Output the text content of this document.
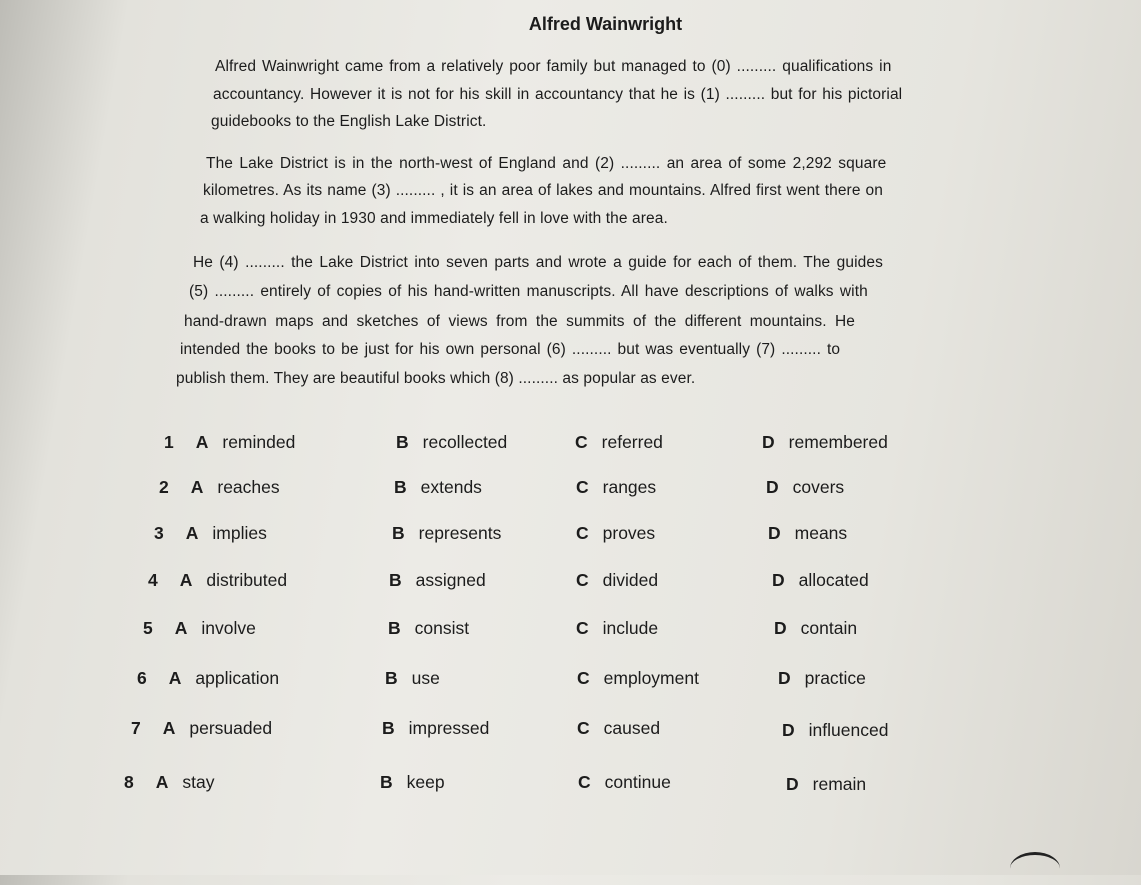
Alfred Wainwright
Alfred Wainwright came from a relatively poor family but managed to (0) ......... qualifications in
accountancy. However it is not for his skill in accountancy that he is (1) ......... but for his pictorial
guidebooks to the English Lake District.
The Lake District is in the north-west of England and (2) ......... an area of some 2,292 square
kilometres. As its name (3) ......... , it is an area of lakes and mountains. Alfred first went there on
a walking holiday in 1930 and immediately fell in love with the area.
He (4) ......... the Lake District into seven parts and wrote a guide for each of them. The guides
(5) ......... entirely of copies of his hand-written manuscripts. All have descriptions of walks with
hand-drawn maps and sketches of views from the summits of the different mountains. He
intended the books to be just for his own personal (6) ......... but was eventually (7) ......... to
publish them. They are beautiful books which (8) ......... as popular as ever.
1 A reminded	B recollected	C referred	D remembered
2 A reaches	B extends	C ranges	D covers
3 A implies	B represents	C proves	D means
4 A distributed	B assigned	C divided	D allocated
5 A involve	B consist	C include	D contain
6 A application	B use	C employment	D practice
7 A persuaded	B impressed	C caused	D influenced
8 A stay	B keep	C continue	D remain
